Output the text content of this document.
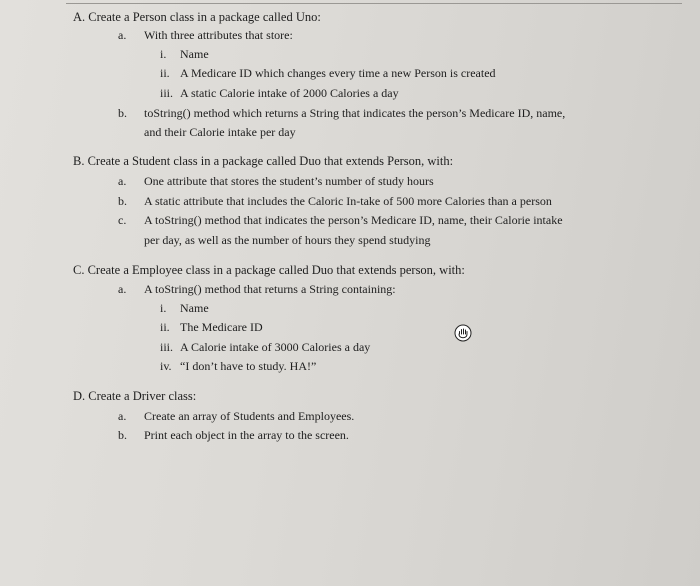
A. Create a Person class in a package called Uno:
a. With three attributes that store:
i. Name
ii. A Medicare ID which changes every time a new Person is created
iii. A static Calorie intake of 2000 Calories a day
b. toString() method which returns a String that indicates the person’s Medicare ID, name,
and their Calorie intake per day
B. Create a Student class in a package called Duo that extends Person, with:
a. One attribute that stores the student’s number of study hours
b. A static attribute that includes the Caloric In-take of 500 more Calories than a person
c. A toString() method that indicates the person’s Medicare ID, name, their Calorie intake
per day, as well as the number of hours they spend studying
C. Create a Employee class in a package called Duo that extends person, with:
a. A toString() method that returns a String containing:
i. Name
ii. The Medicare ID
iii. A Calorie intake of 3000 Calories a day
iv. “I don’t have to study. HA!”
D. Create a Driver class:
a. Create an array of Students and Employees.
b. Print each object in the array to the screen.
